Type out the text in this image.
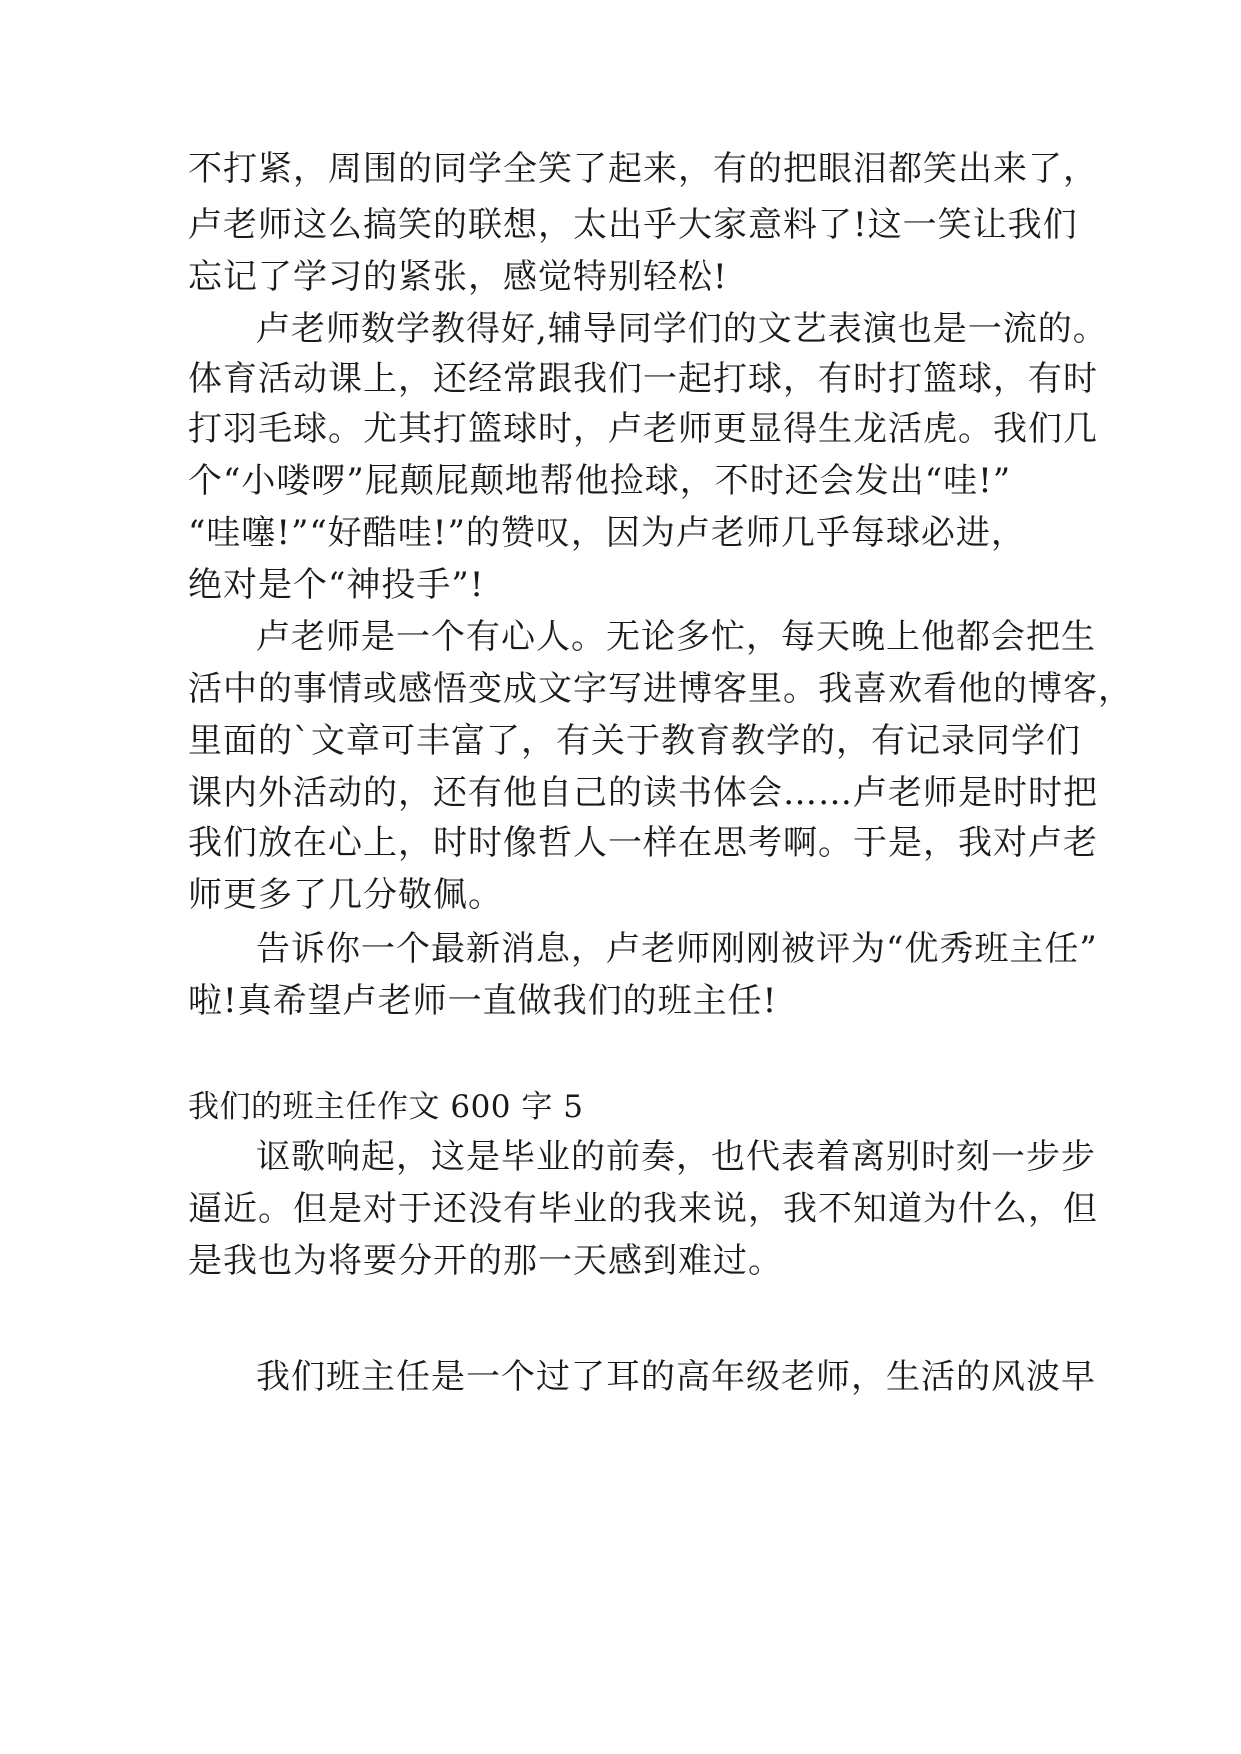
不打紧，周围的同学全笑了起来，有的把眼泪都笑出来了，
卢老师这么搞笑的联想，太出乎大家意料了!这一笑让我们
忘记了学习的紧张，感觉特别轻松!
卢老师数学教得好,辅导同学们的文艺表演也是一流的。
体育活动课上，还经常跟我们一起打球，有时打篮球，有时
打羽毛球。尤其打篮球时，卢老师更显得生龙活虎。我们几
个“小喽啰”屁颠屁颠地帮他捡球，不时还会发出“哇!”
“哇噻!”“好酷哇!”的赞叹，因为卢老师几乎每球必进，
绝对是个“神投手”!
卢老师是一个有心人。无论多忙，每天晚上他都会把生
活中的事情或感悟变成文字写进博客里。我喜欢看他的博客，
里面的`文章可丰富了，有关于教育教学的，有记录同学们
课内外活动的，还有他自己的读书体会……卢老师是时时把
我们放在心上，时时像哲人一样在思考啊。于是，我对卢老
师更多了几分敬佩。
告诉你一个最新消息，卢老师刚刚被评为“优秀班主任”
啦!真希望卢老师一直做我们的班主任!
我们的班主任作文 600 字 5
讴歌响起，这是毕业的前奏，也代表着离别时刻一步步
逼近。但是对于还没有毕业的我来说，我不知道为什么，但
是我也为将要分开的那一天感到难过。
我们班主任是一个过了耳的高年级老师，生活的风波早
